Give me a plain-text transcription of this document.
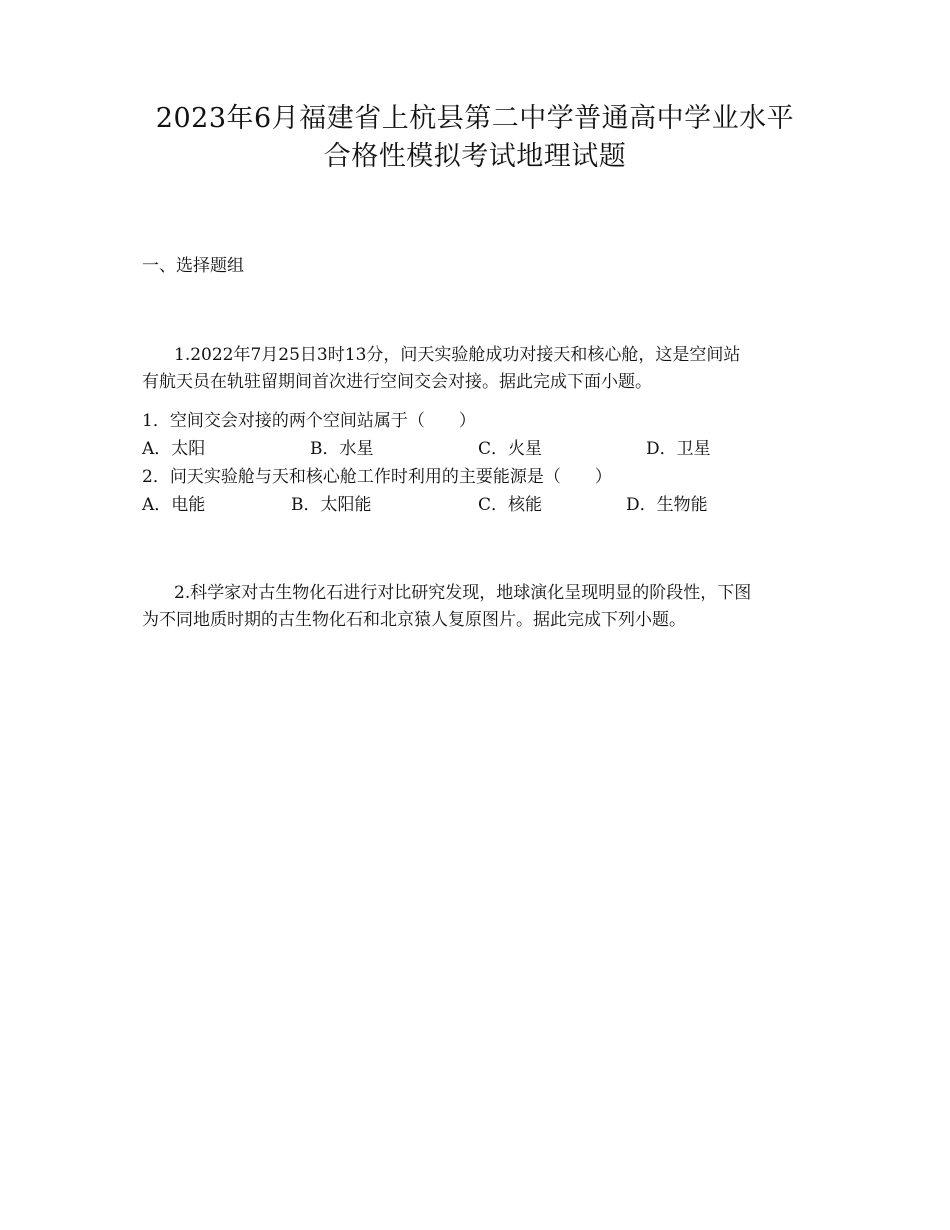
2023年6月福建省上杭县第二中学普通高中学业水平
合格性模拟考试地理试题
一、选择题组
1.2022年7月25日3时13分，问天实验舱成功对接天和核心舱，这是空间站
有航天员在轨驻留期间首次进行空间交会对接。据此完成下面小题。
1．空间交会对接的两个空间站属于（　　）
A．太阳	B．水星	C．火星	D．卫星
2．问天实验舱与天和核心舱工作时利用的主要能源是（　　）
A．电能	B．太阳能	C．核能	D．生物能
2.科学家对古生物化石进行对比研究发现，地球演化呈现明显的阶段性，下图
为不同地质时期的古生物化石和北京猿人复原图片。据此完成下列小题。
